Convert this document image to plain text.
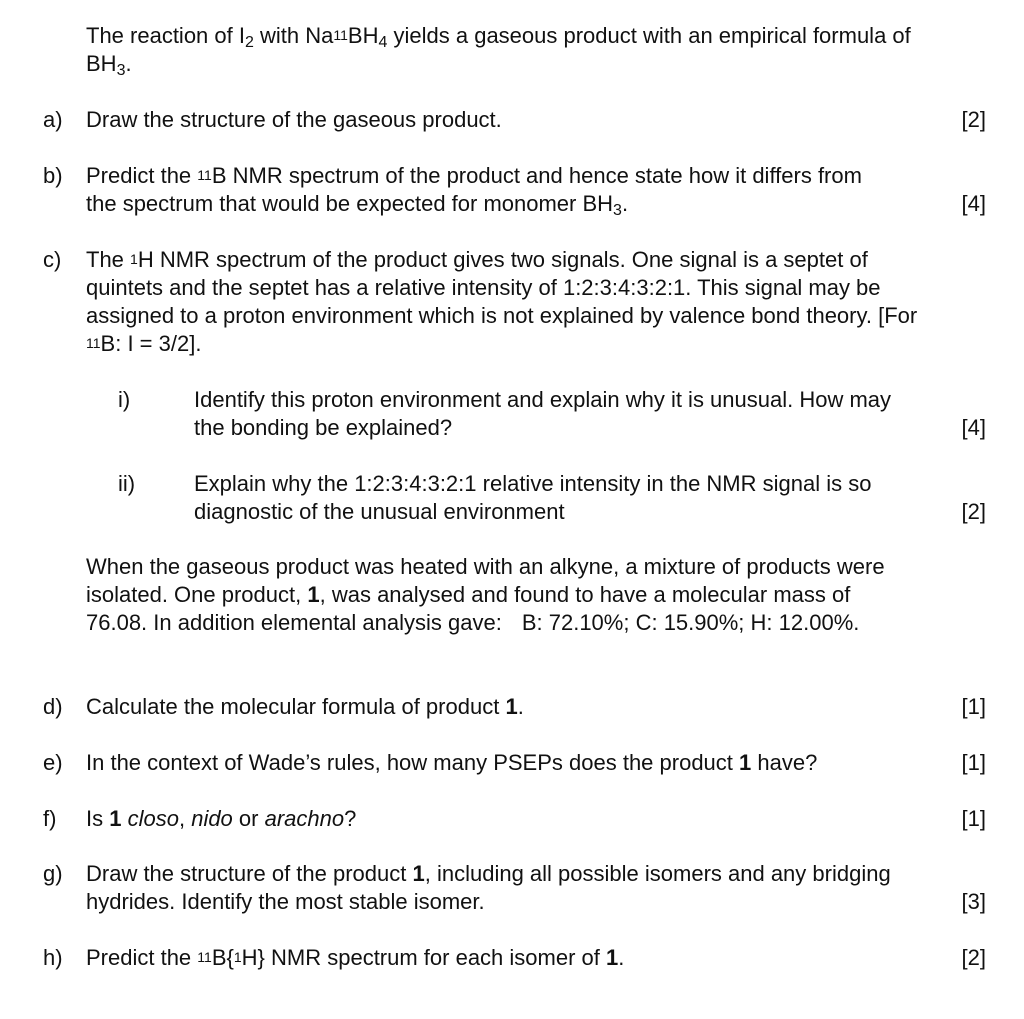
The reaction of $I_2$ with $Na^{11}BH_4$ yields a gaseous product with an empirical formula of $BH_3$.
a) Draw the structure of the gaseous product.	[2]
b) Predict the $^{11}$B NMR spectrum of the product and hence state how it differs from the spectrum that would be expected for monomer $BH_3$.	[4]
c) The $^1$H NMR spectrum of the product gives two signals. One signal is a septet of quintets and the septet has a relative intensity of 1:2:3:4:3:2:1. This signal may be assigned to a proton environment which is not explained by valence bond theory. [For $^{11}$B: I = 3/2].
i)	Identify this proton environment and explain why it is unusual. How may the bonding be explained?	[4]
ii)	Explain why the 1:2:3:4:3:2:1 relative intensity in the NMR signal is so diagnostic of the unusual environment	[2]
When the gaseous product was heated with an alkyne, a mixture of products were isolated. One product, 1, was analysed and found to have a molecular mass of 76.08. In addition elemental analysis gave: B: 72.10%; C: 15.90%; H: 12.00%.
d) Calculate the molecular formula of product 1.	[1]
e) In the context of Wade’s rules, how many PSEPs does the product 1 have?	[1]
f) Is 1 closo, nido or arachno?	[1]
g) Draw the structure of the product 1, including all possible isomers and any bridging hydrides. Identify the most stable isomer.	[3]
h) Predict the $^{11}$B{$^1$H} NMR spectrum for each isomer of 1.	[2]
